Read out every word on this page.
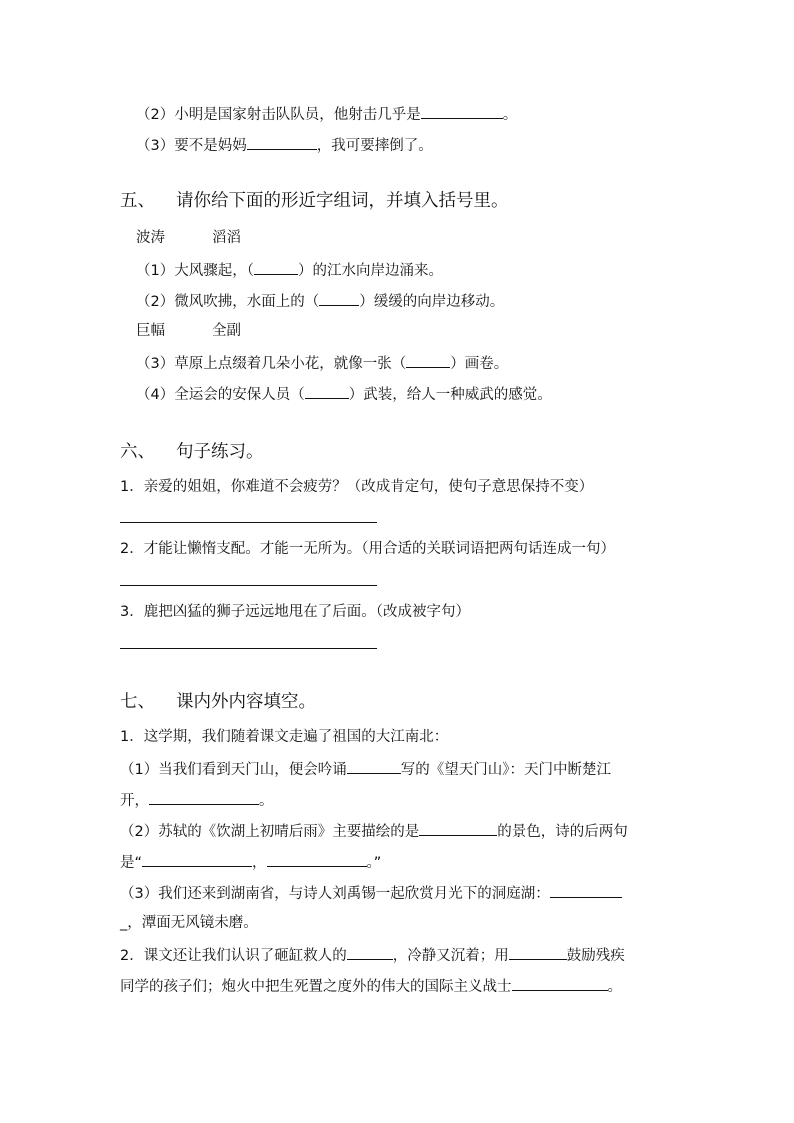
（2）小明是国家射击队队员，他射击几乎是	。
（3）要不是妈妈	，我可要摔倒了。
五、 请你给下面的形近字组词，并填入括号里。
波涛	滔滔
（1）大风骤起，（	）的江水向岸边涌来。
（2）微风吹拂，水面上的（	）缓缓的向岸边移动。
巨幅	全副
（3）草原上点缀着几朵小花，就像一张（	）画卷。
（4）全运会的安保人员（	）武装，给人一种威武的感觉。
六、 句子练习。
1．亲爱的姐姐，你难道不会疲劳？（改成肯定句，使句子意思保持不变）
2．才能让懒惰支配。才能一无所为。（用合适的关联词语把两句话连成一句）
3．鹿把凶猛的狮子远远地甩在了后面。（改成被字句）
七、 课内外内容填空。
1．这学期，我们随着课文走遍了祖国的大江南北：
（1）当我们看到天门山，便会吟诵	写的《望天门山》：天门中断楚江
开，	。
（2）苏轼的《饮湖上初晴后雨》主要描绘的是	的景色，诗的后两句
是“	，	。”
（3）我们还来到湖南省，与诗人刘禹锡一起欣赏月光下的洞庭湖：
_，潭面无风镜未磨。
2．课文还让我们认识了砸缸救人的	，冷静又沉着；用	鼓励残疾
同学的孩子们；炮火中把生死置之度外的伟大的国际主义战士	。
